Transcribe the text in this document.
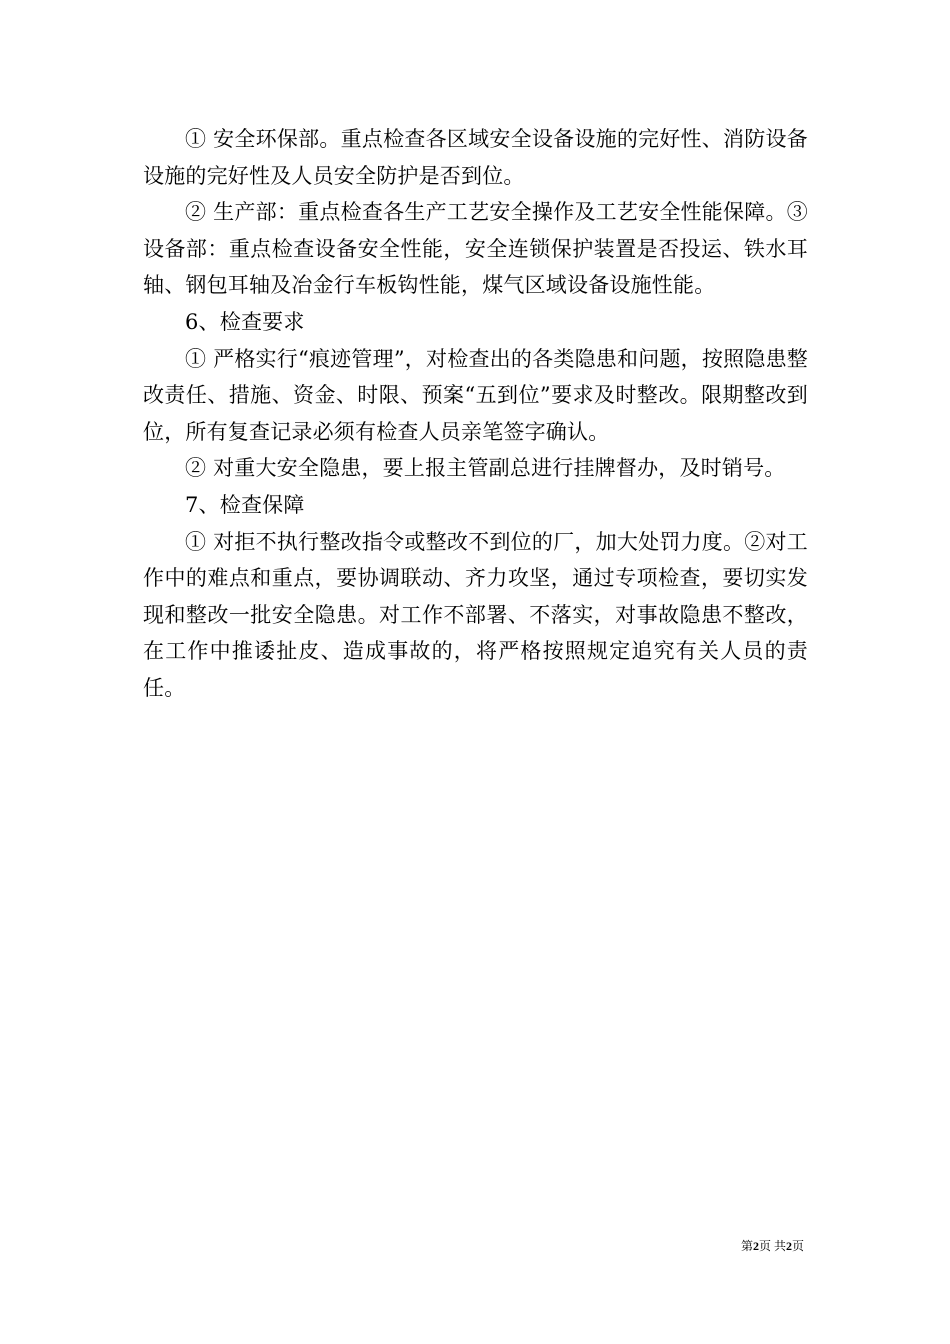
① 安全环保部。重点检查各区域安全设备设施的完好性、消防设备设施的完好性及人员安全防护是否到位。

② 生产部：重点检查各生产工艺安全操作及工艺安全性能保障。③设备部：重点检查设备安全性能，安全连锁保护装置是否投运、铁水耳轴、钢包耳轴及冶金行车板钩性能，煤气区域设备设施性能。

6、检查要求

① 严格实行“痕迹管理”，对检查出的各类隐患和问题，按照隐患整改责任、措施、资金、时限、预案“五到位”要求及时整改。限期整改到位，所有复查记录必须有检查人员亲笔签字确认。

② 对重大安全隐患，要上报主管副总进行挂牌督办，及时销号。

7、检查保障

① 对拒不执行整改指令或整改不到位的厂，加大处罚力度。②对工作中的难点和重点，要协调联动、齐力攻坚，通过专项检查，要切实发现和整改一批安全隐患。对工作不部署、不落实，对事故隐患不整改，在工作中推诿扯皮、造成事故的，将严格按照规定追究有关人员的责任。

第2页 共2页
